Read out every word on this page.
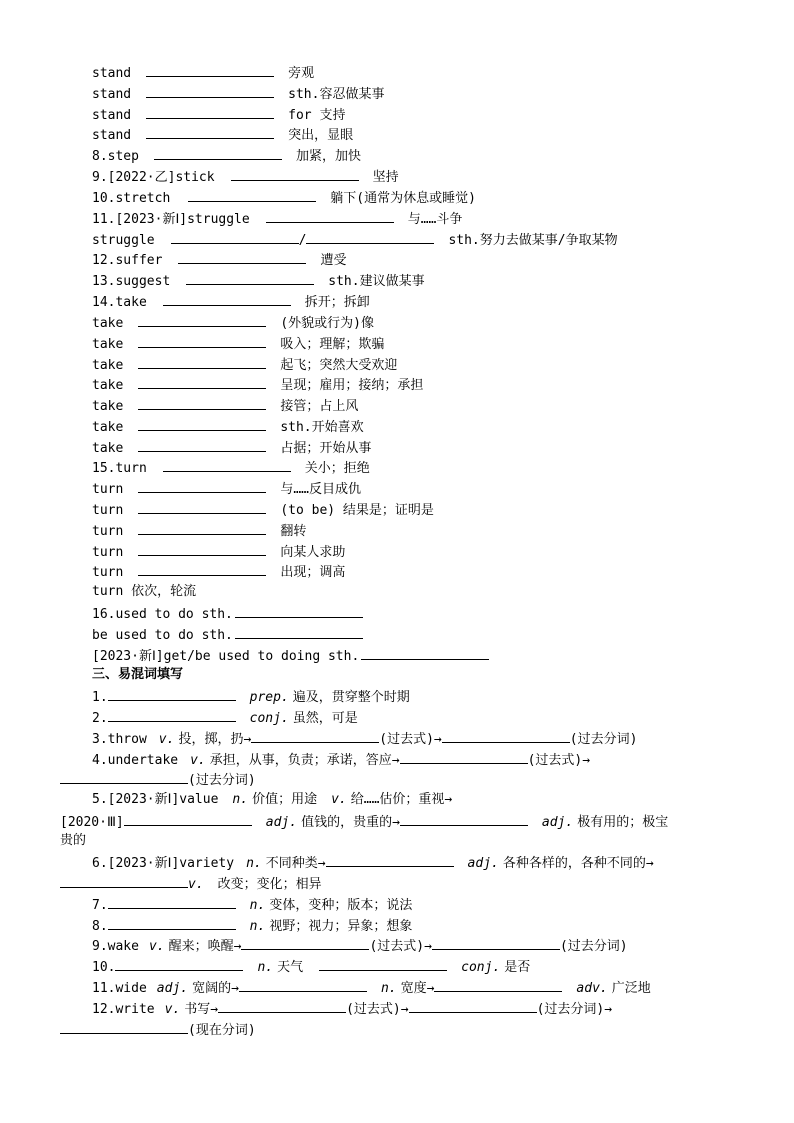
stand	旁观
stand	sth.容忍做某事
stand	for 支持
stand	突出，显眼
8.step	加紧，加快
9.[2022·乙]stick	坚持
10.stretch	躺下(通常为休息或睡觉)
11.[2023·新Ⅰ]struggle	与……斗争
struggle	/	sth.努力去做某事/争取某物
12.suffer	遭受
13.suggest	sth.建议做某事
14.take	拆开；拆卸
take	(外貌或行为)像
take	吸入；理解；欺骗
take	起飞；突然大受欢迎
take	呈现；雇用；接纳；承担
take	接管；占上风
take	sth.开始喜欢
take	占据；开始从事
15.turn	关小；拒绝
turn	与……反目成仇
turn	(to be) 结果是；证明是
turn	翻转
turn	向某人求助
turn	出现；调高
turn 依次，轮流
16.used to do sth.
be used to do sth.
[2023·新Ⅰ]get/be used to doing sth.
三、易混词填写
1.	prep. 遍及，贯穿整个时期
2.	conj. 虽然，可是
3.throw v. 投，掷，扔→	(过去式)→	(过去分词)
4.undertake v. 承担，从事，负责；承诺，答应→	(过去式)→
(过去分词)
5.[2023·新Ⅰ]value n. 价值；用途 v. 给……估价；重视→
[2020·Ⅲ]	adj. 值钱的，贵重的→	adj. 极有用的；极宝
贵的
6.[2023·新Ⅰ]variety n. 不同种类→	adj. 各种各样的，各种不同的→
v. 改变；变化；相异
7.	n. 变体，变种；版本；说法
8.	n. 视野；视力；异象；想象
9.wake v. 醒来；唤醒→	(过去式)→	(过去分词)
10.	n. 天气	conj. 是否
11.wide adj. 宽阔的→	n. 宽度→	adv. 广泛地
12.write v. 书写→	(过去式)→	(过去分词)→
(现在分词)
